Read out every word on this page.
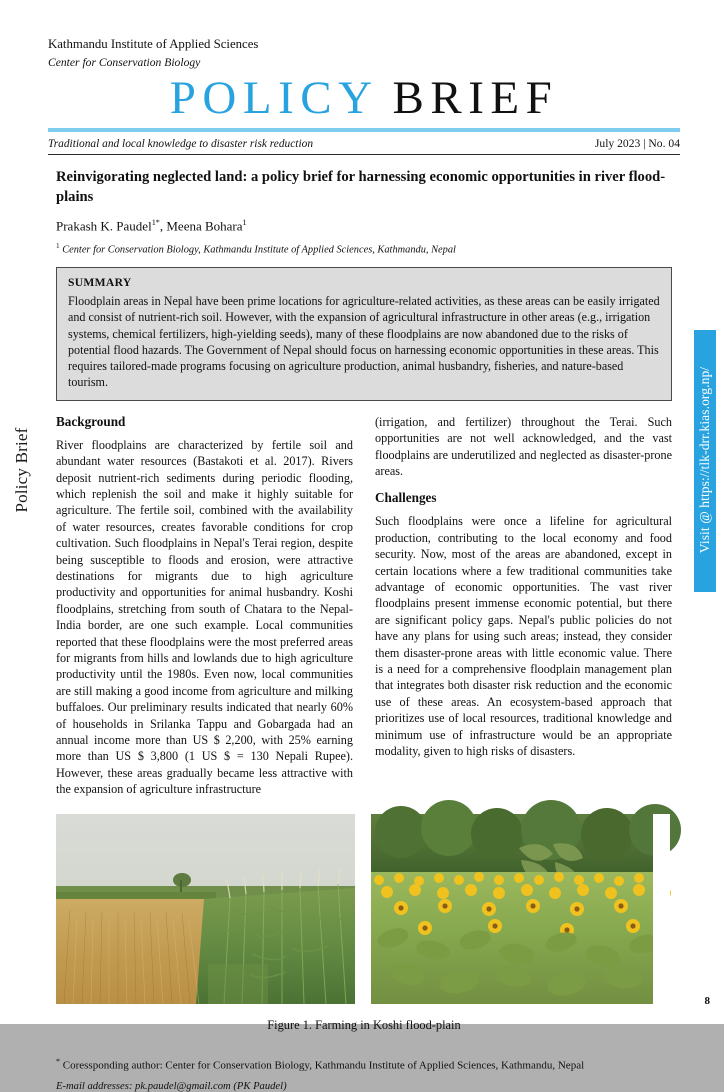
Policy Brief	Visit @ https://tlk-drr.kias.org.np/
Kathmandu Institute of Applied Sciences
Center for Conservation Biology
POLICY BRIEF
Traditional and local knowledge to disaster risk reduction	July 2023 | No. 04
Reinvigorating neglected land: a policy brief for harnessing economic opportunities in river flood-plains
Prakash K. Paudel$^{1*}$, Meena Bohara$^1$
$^1$ Center for Conservation Biology, Kathmandu Institute of Applied Sciences, Kathmandu, Nepal
SUMMARY
Floodplain areas in Nepal have been prime locations for agriculture-related activities, as these areas can be easily irrigated and consist of nutrient-rich soil. However, with the expansion of agricultural infrastructure in other areas (e.g., irrigation systems, chemical fertilizers, high-yielding seeds), many of these floodplains are now abandoned due to the risks of potential flood hazards. The Government of Nepal should focus on harnessing economic opportunities in these areas. This requires tailored-made programs focusing on agriculture production, animal husbandry, fisheries, and nature-based tourism.
Background

River floodplains are characterized by fertile soil and abundant water resources (Bastakoti et al. 2017). Rivers deposit nutrient-rich sediments during periodic flooding, which replenish the soil and make it highly suitable for agriculture. The fertile soil, combined with the availability of water resources, creates favorable conditions for crop cultivation. Such floodplains in Nepal's Terai region, despite being susceptible to floods and erosion, were attractive destinations for migrants due to high agriculture productivity and opportunities for animal husbandry. Koshi floodplains, stretching from south of Chatara to the Nepal-India border, are one such example. Local communities reported that these floodplains were the most preferred areas for migrants from hills and lowlands due to high agriculture productivity until the 1980s. Even now, local communities are still making a good income from agriculture and milking buffaloes. Our preliminary results indicated that nearly 60% of households in Srilanka Tappu and Gobargada had an annual income more than US $ 2,200, with 25% earning more than US $ 3,800 (1 US $ = 130 Nepali Rupee). However, these areas gradually became less attractive with the expansion of agriculture infrastructure

(irrigation, and fertilizer) throughout the Terai. Such opportunities are not well acknowledged, and the vast floodplains are underutilized and neglected as disaster-prone areas.

Challenges

Such floodplains were once a lifeline for agricultural production, contributing to the local economy and food security. Now, most of the areas are abandoned, except in certain locations where a few traditional communities take advantage of economic opportunities. The vast river floodplains present immense economic potential, but there are significant policy gaps. Nepal's public policies do not have any plans for using such areas; instead, they consider them disaster-prone areas with little economic value. There is a need for a comprehensive floodplain management plan that integrates both disaster risk reduction and the economic use of these areas. An ecosystem-based approach that prioritizes use of local resources, traditional knowledge and minimum use of infrastructure would be an appropriate modality, given to high risks of disasters.

Figure 1. Farming in Koshi flood-plain
* Coressponding author: Center for Conservation Biology, Kathmandu Institute of Applied Sciences, Kathmandu, Nepal
E-mail addresses: pk.paudel@gmail.com (PK Paudel)
8
